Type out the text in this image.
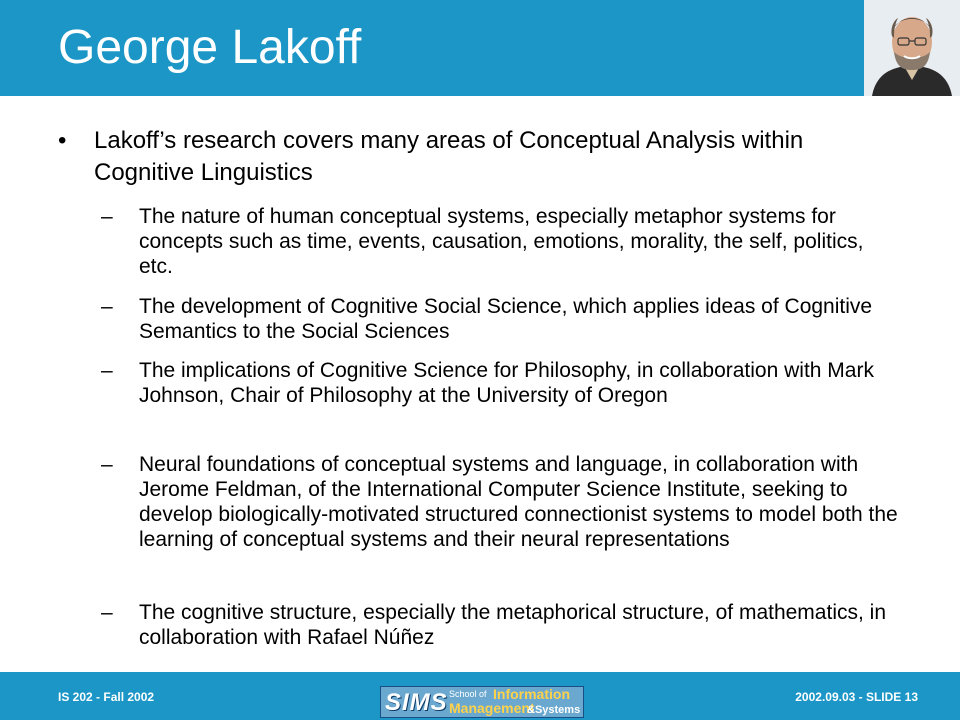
George Lakoff
• Lakoff’s research covers many areas of Conceptual Analysis within Cognitive Linguistics
– The nature of human conceptual systems, especially metaphor systems for concepts such as time, events, causation, emotions, morality, the self, politics, etc.
– The development of Cognitive Social Science, which applies ideas of Cognitive Semantics to the Social Sciences
– The implications of Cognitive Science for Philosophy, in collaboration with Mark Johnson, Chair of Philosophy at the University of Oregon
– Neural foundations of conceptual systems and language, in collaboration with Jerome Feldman, of the International Computer Science Institute, seeking to develop biologically-motivated structured connectionist systems to model both the learning of conceptual systems and their neural representations
– The cognitive structure, especially the metaphorical structure, of mathematics, in collaboration with Rafael Núñez
IS 202 - Fall 2002	2002.09.03 - SLIDE 13
SIMS School of Information
Management
&Systems
